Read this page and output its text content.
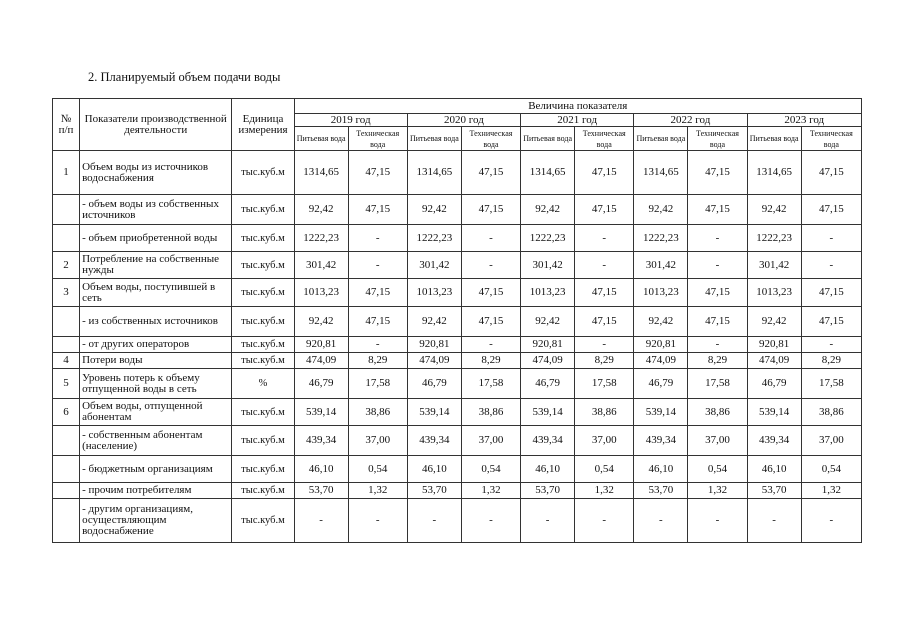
2. Планируемый объем подачи воды
№ п/п	Показатели производственной деятельности	Единица измерения	Величина показателя									
			2019 год		2020 год		2021 год		2022 год		2023 год	
			Питьевая вода	Техническая вода	Питьевая вода	Техническая вода	Питьевая вода	Техническая вода	Питьевая вода	Техническая вода	Питьевая вода	Техническая вода
1	Объем воды из источников водоснабжения	тыс.куб.м	1314,65	47,15	1314,65	47,15	1314,65	47,15	1314,65	47,15	1314,65	47,15
	- объем воды из собственных источников	тыс.куб.м	92,42	47,15	92,42	47,15	92,42	47,15	92,42	47,15	92,42	47,15
	- объем приобретенной воды	тыс.куб.м	1222,23	-	1222,23	-	1222,23	-	1222,23	-	1222,23	-
2	Потребление на собственные нужды	тыс.куб.м	301,42	-	301,42	-	301,42	-	301,42	-	301,42	-
3	Объем воды, поступившей в сеть	тыс.куб.м	1013,23	47,15	1013,23	47,15	1013,23	47,15	1013,23	47,15	1013,23	47,15
	- из собственных источников	тыс.куб.м	92,42	47,15	92,42	47,15	92,42	47,15	92,42	47,15	92,42	47,15
	- от других операторов	тыс.куб.м	920,81	-	920,81	-	920,81	-	920,81	-	920,81	-
4	Потери воды	тыс.куб.м	474,09	8,29	474,09	8,29	474,09	8,29	474,09	8,29	474,09	8,29
5	Уровень потерь к объему отпущенной воды в сеть	%	46,79	17,58	46,79	17,58	46,79	17,58	46,79	17,58	46,79	17,58
6	Объем воды, отпущенной абонентам	тыс.куб.м	539,14	38,86	539,14	38,86	539,14	38,86	539,14	38,86	539,14	38,86
	- собственным абонентам (население)	тыс.куб.м	439,34	37,00	439,34	37,00	439,34	37,00	439,34	37,00	439,34	37,00
	- бюджетным организациям	тыс.куб.м	46,10	0,54	46,10	0,54	46,10	0,54	46,10	0,54	46,10	0,54
	- прочим потребителям	тыс.куб.м	53,70	1,32	53,70	1,32	53,70	1,32	53,70	1,32	53,70	1,32
	- другим организациям, осуществляющим водоснабжение	тыс.куб.м	-	-	-	-	-	-	-	-	-	-
